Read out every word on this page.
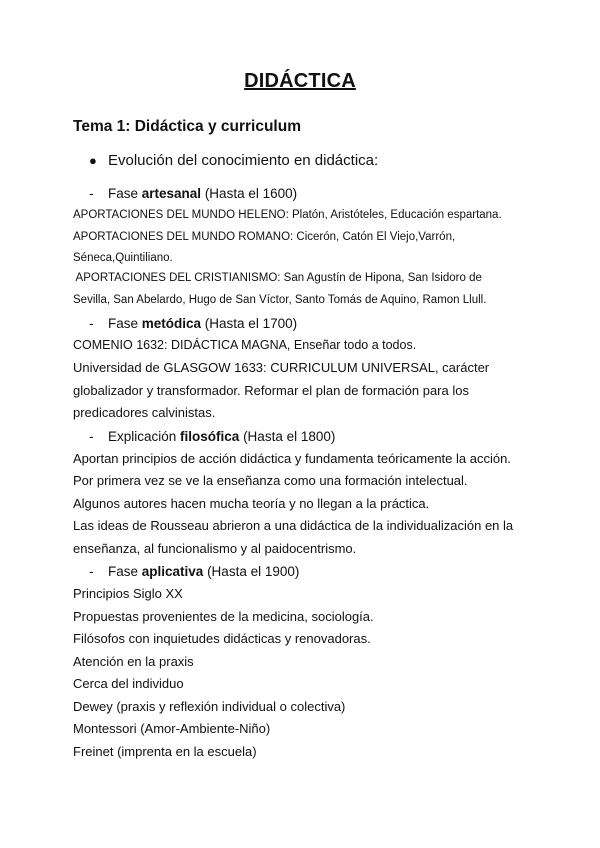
DIDÁCTICA
Tema 1: Didáctica y curriculum
● Evolución del conocimiento en didáctica:
- Fase artesanal (Hasta el 1600)
APORTACIONES DEL MUNDO HELENO: Platón, Aristóteles, Educación espartana.
APORTACIONES DEL MUNDO ROMANO: Cicerón, Catón El Viejo,Varrón,
Séneca,Quintiliano.
APORTACIONES DEL CRISTIANISMO: San Agustín de Hipona, San Isidoro de
Sevilla, San Abelardo, Hugo de San Víctor, Santo Tomás de Aquino, Ramon Llull.
- Fase metódica (Hasta el 1700)
COMENIO 1632: DIDÁCTICA MAGNA, Enseñar todo a todos.
Universidad de GLASGOW 1633: CURRICULUM UNIVERSAL, carácter
globalizador y transformador. Reformar el plan de formación para los
predicadores calvinistas.
- Explicación filosófica (Hasta el 1800)
Aportan principios de acción didáctica y fundamenta teóricamente la acción.
Por primera vez se ve la enseñanza como una formación intelectual.
Algunos autores hacen mucha teoría y no llegan a la práctica.
Las ideas de Rousseau abrieron a una didáctica de la individualización en la
enseñanza, al funcionalismo y al paidocentrismo.
- Fase aplicativa (Hasta el 1900)
Principios Siglo XX
Propuestas provenientes de la medicina, sociología.
Filósofos con inquietudes didácticas y renovadoras.
Atención en la praxis
Cerca del individuo
Dewey (praxis y reflexión individual o colectiva)
Montessori (Amor-Ambiente-Niño)
Freinet (imprenta en la escuela)
